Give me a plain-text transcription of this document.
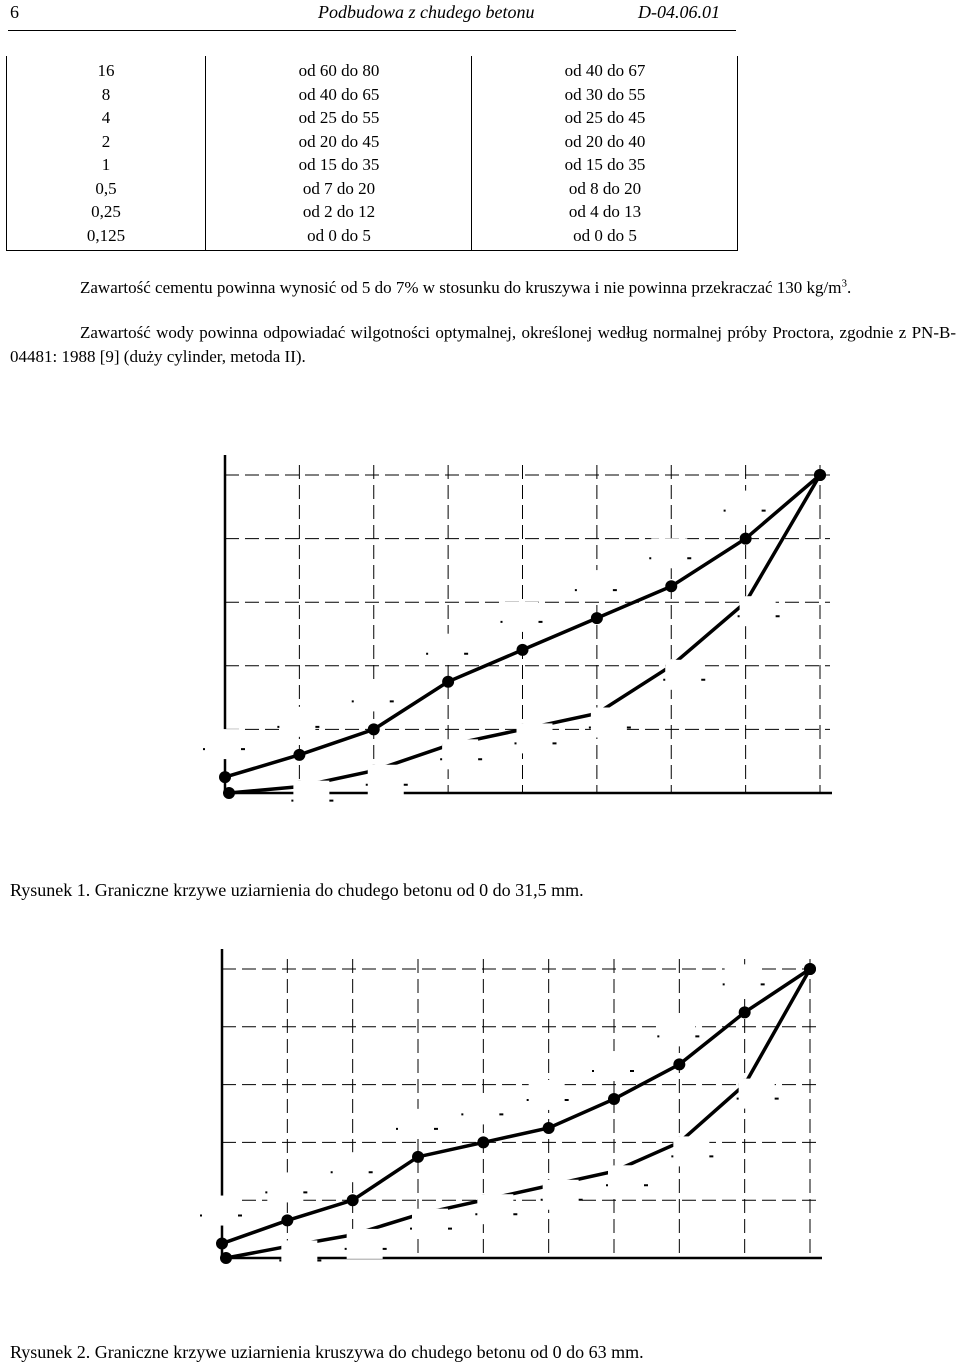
6	Podbudowa z chudego betonu	D-04.06.01
16
8
4
2
1
0,5
0,25
0,125
od 60 do 80
od 40 do 65
od 25 do 55
od 20 do 45
od 15 do 35
od 7 do 20
od 2 do 12
od 0 do 5
od 40 do 67
od 30 do 55
od 25 do 45
od 20 do 40
od 15 do 35
od 8 do 20
od 4 do 13
od 0 do 5
Zawartość cementu powinna wynosić od 5 do 7% w stosunku do kruszywa i nie powinna przekraczać 130 $kg/m^3$.
Zawartość wody powinna odpowiadać wilgotności optymalnej, określonej według normalnej próby Proctora, zgodnie z PN-B-04481: 1988 [9] (duży cylinder, metoda II).
Rysunek 1. Graniczne krzywe uziarnienia do chudego betonu od 0 do 31,5 mm.
Rysunek 2. Graniczne krzywe uziarnienia kruszywa do chudego betonu od 0 do 63 mm.
